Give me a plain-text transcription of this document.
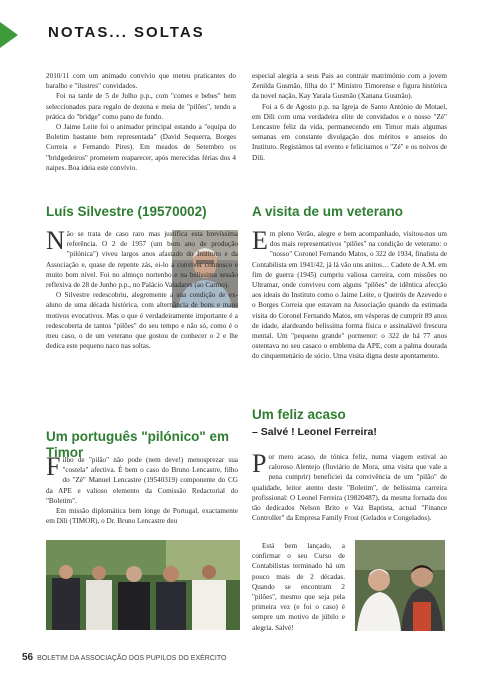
NOTAS... SOLTAS

2010/11 com um animado convívio que meteu praticantes do baralho e "ilustres" convidados.

Foi na tarde de 5 de Julho p.p., com "comes e bebes" bem seleccionados para regalo de dezena e meia de "pilões", tendo a prática do "bridge" como pano de fundo.

O Jaime Leite foi o animador principal estando a "equipa do Boletim bastante bem representada" (David Sequerra, Borges Correia e Fernando Pires). Em meados de Setembro os "bridgedeiros" prometem reaparecer, após merecidas férias dos 4 naipes. Boa ideia este convívio.

especial alegria a seus Pais ao contrair matrimónio com a jovem Zenilda Gusmão, filha do 1º Ministro Timorense e figura histórica da novel nação, Kay Yarala Gusmão (Xanana Gusmão).

Foi a 6 de Agosto p.p. na Igreja de Santo António de Motael, em Díli com uma verdadeira elite de convidados e o nosso "Zé" Lencastre feliz da vida, permanecendo em Timor mais algumas semanas em constante divulgação dos méritos e anseios do Instituto. Registámos tal evento e felicitamos o "Zé" e os noivos de Díli.

Luís Silvestre (19570002)

Não se trata de caso raro mas justifica esta brevíssima referência. O 2 de 1957 (um bom ano de produção "pilónica") viveu largos anos afastado do Instituto e da Associação e, quase de repente zás, ei-lo a conviver connosco e muito bom nível. Foi no almoço nortenho e na belíssima sessão reflexiva de 28 de Junho p.p., no Palácio Valadares (ao Carmo).

O Silvestre redescobriu, alegremente a sua condição de ex-aluno de uma década histórica, com alternância de bons e maus motivos evocativos. Mas o que é verdadeiramente importante é a redescoberta de tantos "pilões" do seu tempo e não só, como é o meu caso, o de um veterano que gostou de conhecer o 2 e lhe dedica este pequeno naco nas soltas.

Um português "pilónico" em Timor

Filho de "pilão" não pode (nem deve!) menosprezar sua "costela" afectiva. É bem o caso do Bruno Lencastre, filho do "Zé" Manuel Lencastre (19540319) componente do CG da APE e valioso elemento da Comissão Redactorial do "Boletim".

Em missão diplomática bem longe de Portugal, exactamente em Díli (TIMOR), o Dr. Bruno Lencastre deu

A visita de um veterano

Em pleno Verão, alegre e bem acompanhado, visitou-nos um dos mais representativos "pilões" na condição de veterano: o "nosso" Coronel Fernando Matos, o 322 de 1934, finalista de Contabilista em 1941/42, já lá vão uns anitos… Cadete de A.M. em fim de guerra (1945) cumpriu valiosa carreira, com missões no Ultramar, onde conviveu com alguns "pilões" de idêntica afecção aos ideais do Instituto como o Jaime Leite, o Queirós de Azevedo e o Borges Correia que estavam na Associação quando da estimada visita do Coronel Fernando Matos, em vésperas de cumprir 89 anos de idade, alardeando belíssima forma física e assinalável frescura mental. Um "pequeno grande" pormenor: o 322 de há 77 anos ostentava no seu casaco o emblema da APE, com a palma dourada do cinquentenário de sócio. Uma visita digna deste apontamento.

Um feliz acaso
– Salvé ! Leonel Ferreira!

Por mero acaso, de tónica feliz, numa viagem estival ao caloroso Alentejo (fluviário de Mora, uma visita que vale a pena cumprir) beneficiei da convivência de um "pilão" de qualidade, leitor atento deste "Boletim", de belíssima carreira profissional: O Leonel Ferreira (19820487), da mesma fornada dos tão dedicados Nelson Brito e Vaz Baptista, actual "Finance Controller" da Empresa Family Frost (Gelados e Congelados).

Está bem lançado, a confirmar o seu Curso de Contabilistas terminado há um pouco mais de 2 décadas. Quando se encontram 2 "pilões", mesmo que seja pela primeira vez (e foi o caso) é sempre um motivo de júbilo e alegria. Salvé!

56 BOLETIM DA ASSOCIAÇÃO DOS PUPILOS DO EXÉRCITO
